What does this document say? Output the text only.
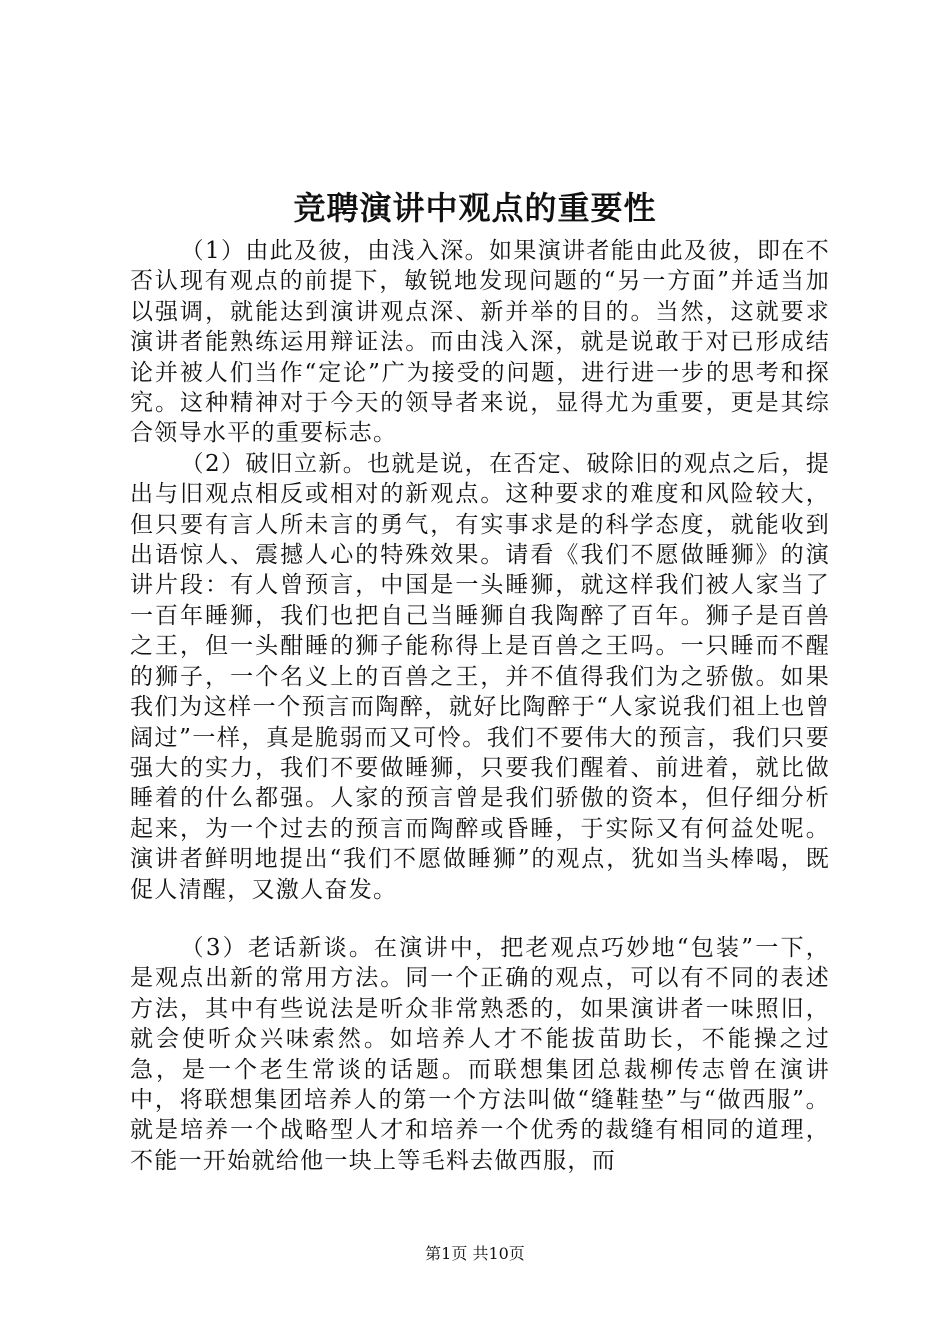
竞聘演讲中观点的重要性

（1）由此及彼，由浅入深。如果演讲者能由此及彼，即在不否认现有观点的前提下，敏锐地发现问题的“另一方面”并适当加以强调，就能达到演讲观点深、新并举的目的。当然，这就要求演讲者能熟练运用辩证法。而由浅入深，就是说敢于对已形成结论并被人们当作“定论”广为接受的问题，进行进一步的思考和探究。这种精神对于今天的领导者来说，显得尤为重要，更是其综合领导水平的重要标志。

（2）破旧立新。也就是说，在否定、破除旧的观点之后，提出与旧观点相反或相对的新观点。这种要求的难度和风险较大，但只要有言人所未言的勇气，有实事求是的科学态度，就能收到出语惊人、震撼人心的特殊效果。请看《我们不愿做睡狮》的演讲片段：有人曾预言，中国是一头睡狮，就这样我们被人家当了一百年睡狮，我们也把自己当睡狮自我陶醉了百年。狮子是百兽之王，但一头酣睡的狮子能称得上是百兽之王吗。一只睡而不醒的狮子，一个名义上的百兽之王，并不值得我们为之骄傲。如果我们为这样一个预言而陶醉，就好比陶醉于“人家说我们祖上也曾阔过”一样，真是脆弱而又可怜。我们不要伟大的预言，我们只要强大的实力，我们不要做睡狮，只要我们醒着、前进着，就比做睡着的什么都强。人家的预言曾是我们骄傲的资本，但仔细分析起来，为一个过去的预言而陶醉或昏睡，于实际又有何益处呢。演讲者鲜明地提出“我们不愿做睡狮”的观点，犹如当头棒喝，既促人清醒，又激人奋发。

（3）老话新谈。在演讲中，把老观点巧妙地“包装”一下，是观点出新的常用方法。同一个正确的观点，可以有不同的表述方法，其中有些说法是听众非常熟悉的，如果演讲者一味照旧，就会使听众兴味索然。如培养人才不能拔苗助长，不能操之过急，是一个老生常谈的话题。而联想集团总裁柳传志曾在演讲中，将联想集团培养人的第一个方法叫做“缝鞋垫”与“做西服”。就是培养一个战略型人才和培养一个优秀的裁缝有相同的道理，不能一开始就给他一块上等毛料去做西服，而

第1页 共10页
